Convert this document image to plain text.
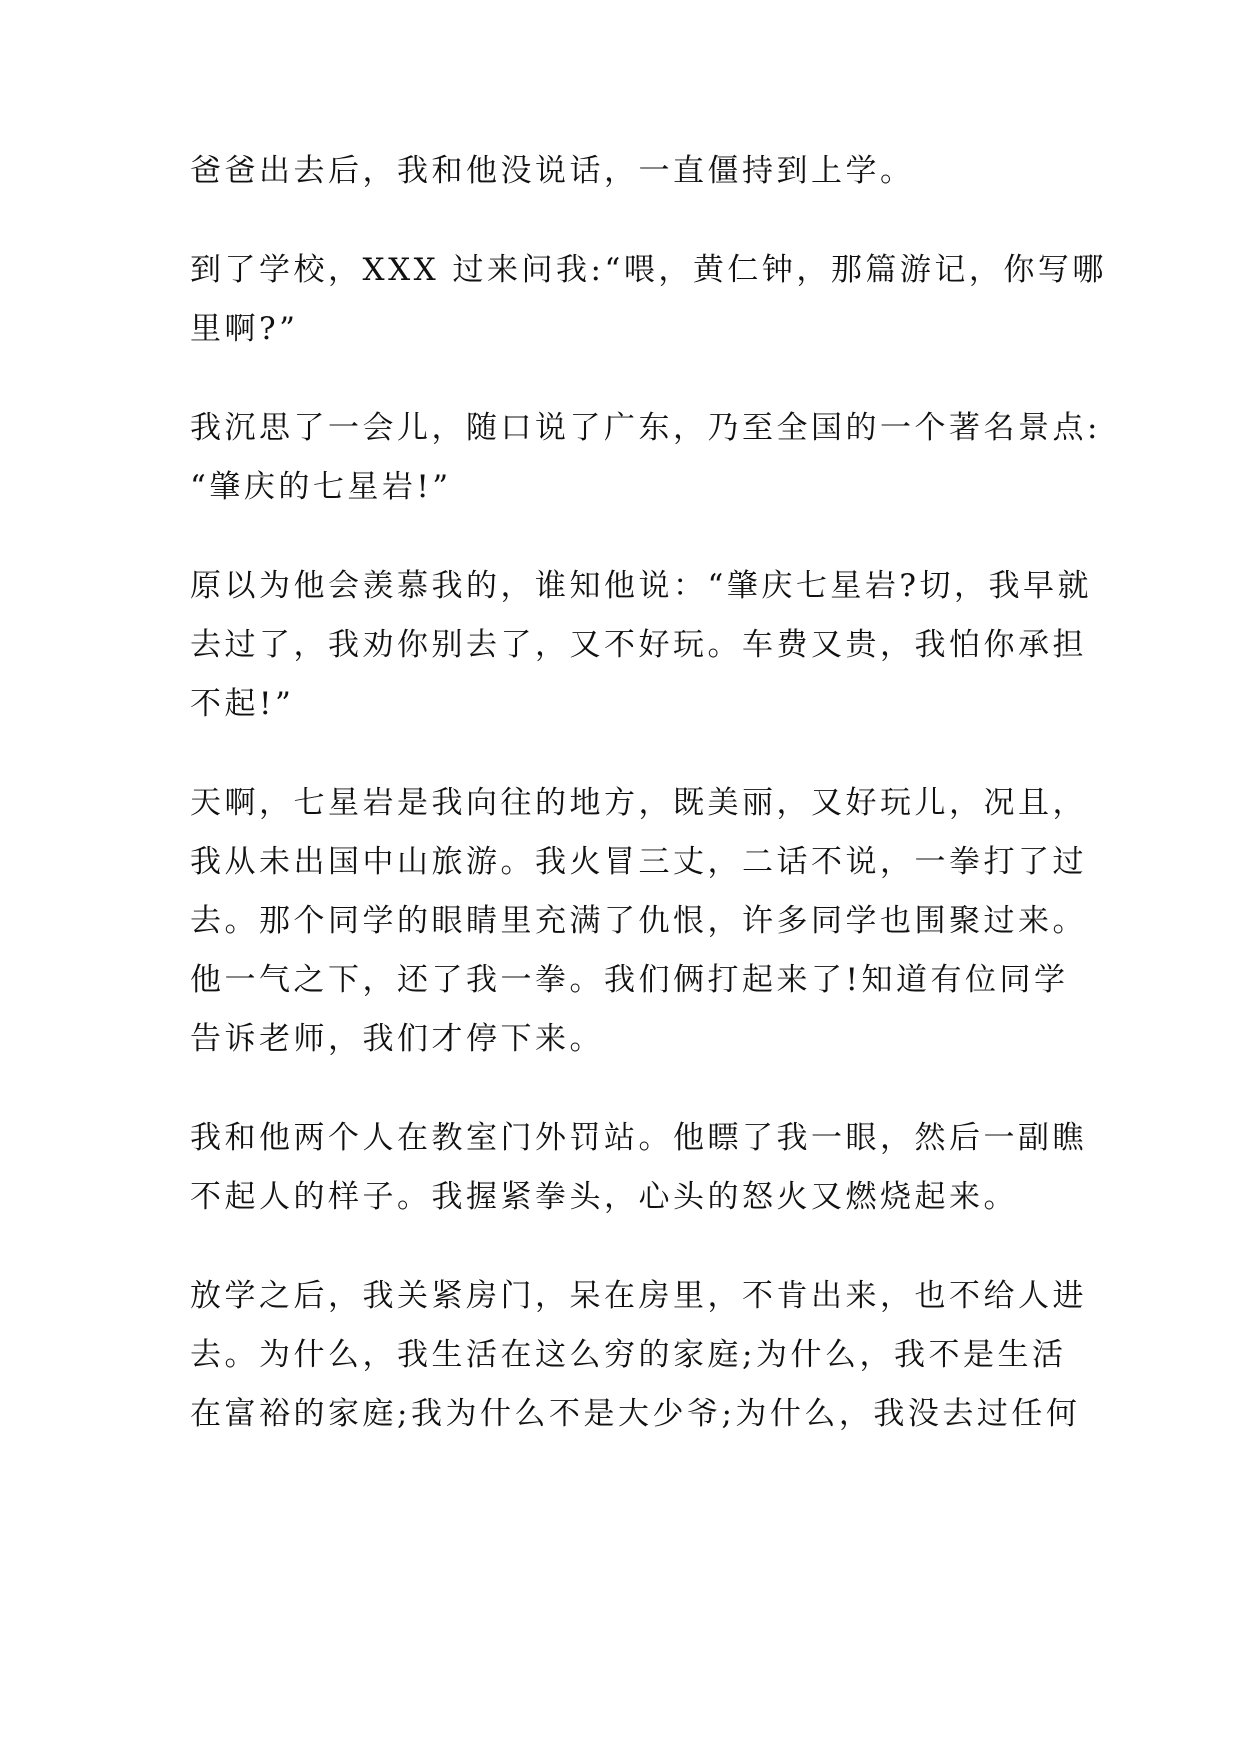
爸爸出去后，我和他没说话，一直僵持到上学。
到了学校，XXX 过来问我:“喂，黄仁钟，那篇游记，你写哪
里啊?”
我沉思了一会儿，随口说了广东，乃至全国的一个著名景点:
“肇庆的七星岩!”
原以为他会羡慕我的，谁知他说：“肇庆七星岩?切，我早就
去过了，我劝你别去了，又不好玩。车费又贵，我怕你承担
不起!”
天啊，七星岩是我向往的地方，既美丽，又好玩儿，况且，
我从未出国中山旅游。我火冒三丈，二话不说，一拳打了过
去。那个同学的眼睛里充满了仇恨，许多同学也围聚过来。
他一气之下，还了我一拳。我们俩打起来了!知道有位同学
告诉老师，我们才停下来。
我和他两个人在教室门外罚站。他瞟了我一眼，然后一副瞧
不起人的样子。我握紧拳头，心头的怒火又燃烧起来。
放学之后，我关紧房门，呆在房里，不肯出来，也不给人进
去。为什么，我生活在这么穷的家庭;为什么，我不是生活
在富裕的家庭;我为什么不是大少爷;为什么，我没去过任何
